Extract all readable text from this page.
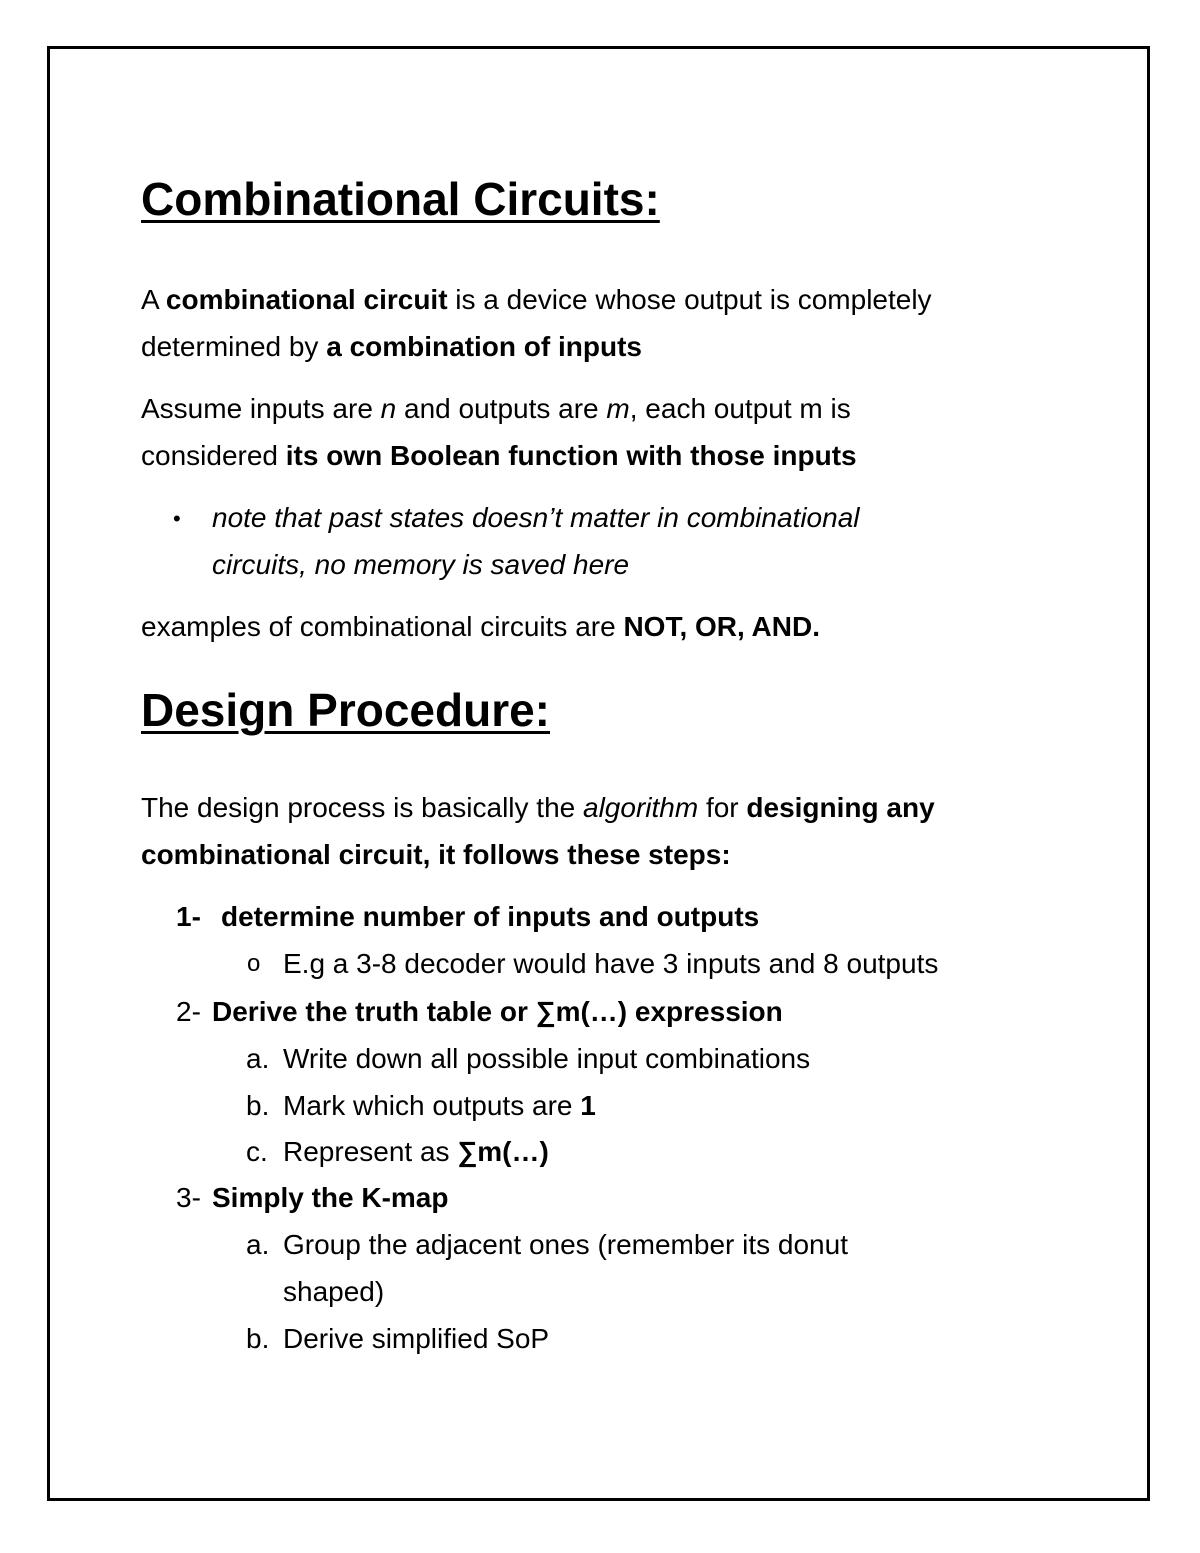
Combinational Circuits:
A combinational circuit is a device whose output is completely
determined by a combination of inputs
Assume inputs are n and outputs are m, each output m is
considered its own Boolean function with those inputs
• note that past states doesn’t matter in combinational
circuits, no memory is saved here
examples of combinational circuits are NOT, OR, AND.
Design Procedure:
The design process is basically the algorithm for designing any
combinational circuit, it follows these steps:
1- determine number of inputs and outputs
o E.g a 3-8 decoder would have 3 inputs and 8 outputs
2- Derive the truth table or ∑m(…) expression
a. Write down all possible input combinations
b. Mark which outputs are 1
c. Represent as ∑m(…)
3- Simply the K-map
a. Group the adjacent ones (remember its donut
shaped)
b. Derive simplified SoP
